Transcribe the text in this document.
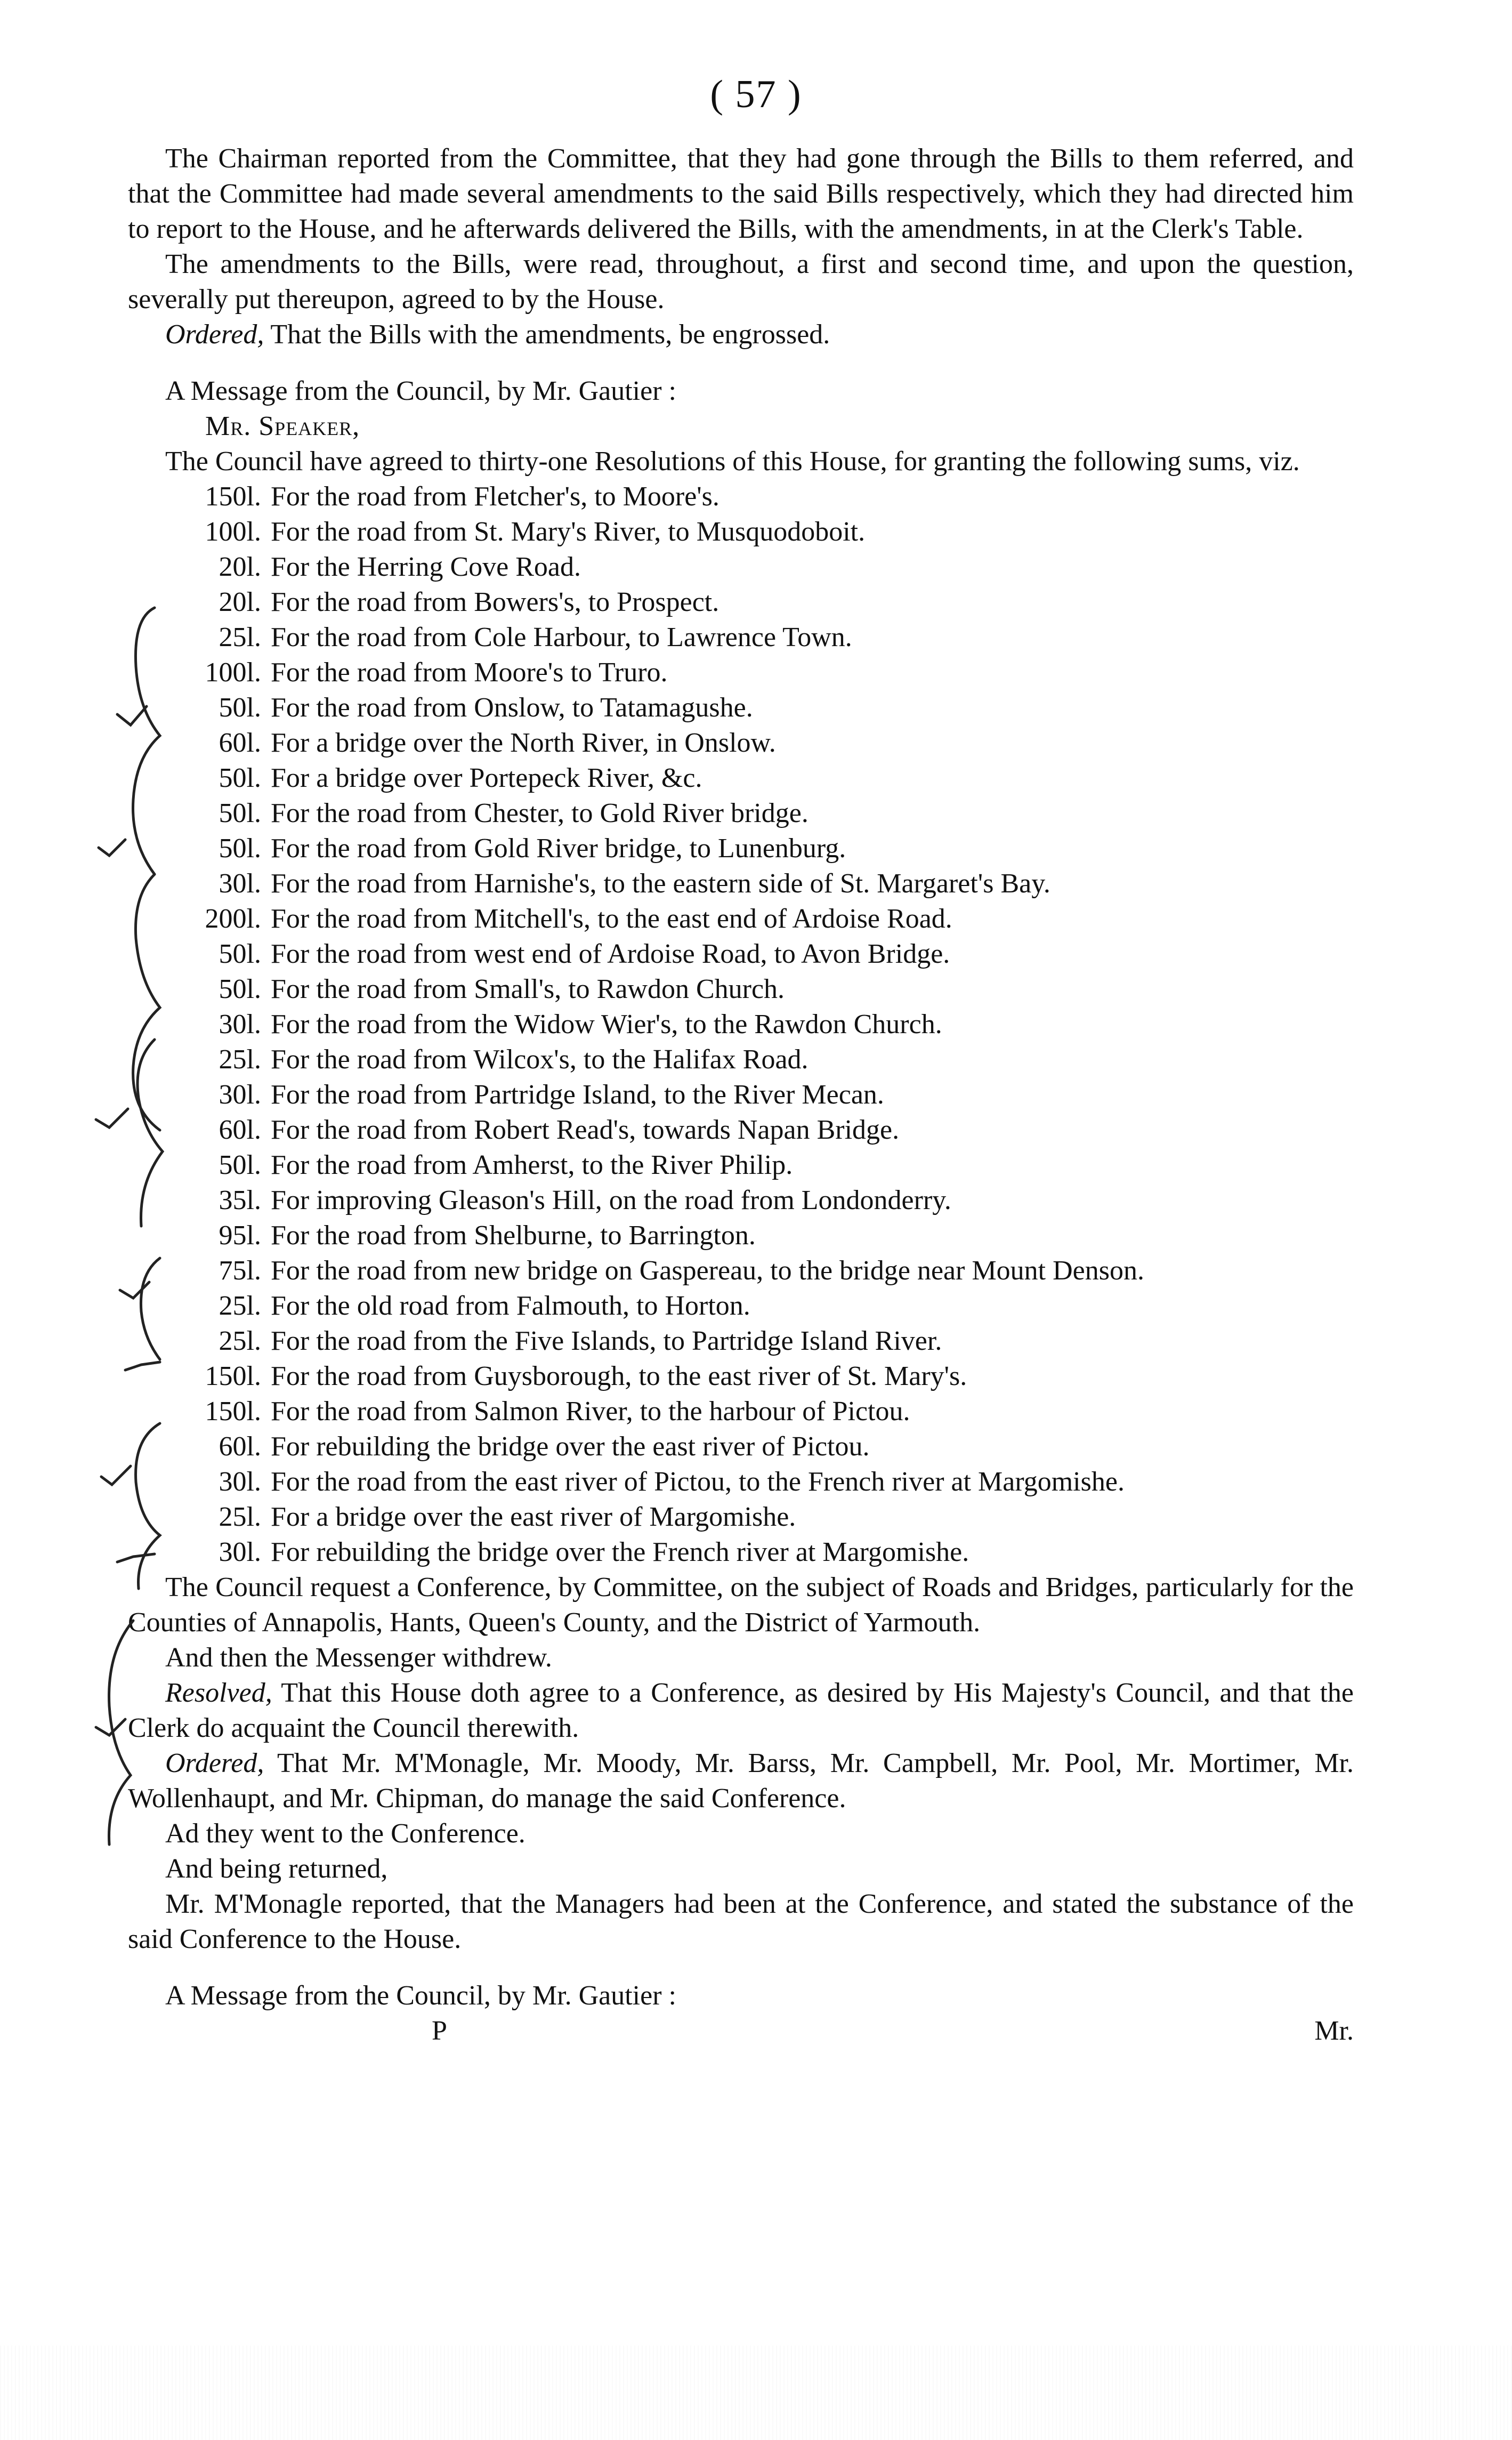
( 57 )

The Chairman reported from the Committee, that they had gone through the Bills to them referred, and that the Committee had made several amendments to the said Bills respectively, which they had directed him to report to the House, and he afterwards delivered the Bills, with the amendments, in at the Clerk's Table.

The amendments to the Bills, were read, throughout, a first and second time, and upon the question, severally put thereupon, agreed to by the House.

Ordered, That the Bills with the amendments, be engrossed.

A Message from the Council, by Mr. Gautier :

Mr. Speaker,

The Council have agreed to thirty-one Resolutions of this House, for granting the following sums, viz.

150l. For the road from Fletcher's, to Moore's.
100l. For the road from St. Mary's River, to Musquodoboit.
20l. For the Herring Cove Road.
20l. For the road from Bowers's, to Prospect.
25l. For the road from Cole Harbour, to Lawrence Town.
100l. For the road from Moore's to Truro.
50l. For the road from Onslow, to Tatamagushe.
60l. For a bridge over the North River, in Onslow.
50l. For a bridge over Portepeck River, &c.
50l. For the road from Chester, to Gold River bridge.
50l. For the road from Gold River bridge, to Lunenburg.
30l. For the road from Harnishe's, to the eastern side of St. Margaret's Bay.
200l. For the road from Mitchell's, to the east end of Ardoise Road.
50l. For the road from west end of Ardoise Road, to Avon Bridge.
50l. For the road from Small's, to Rawdon Church.
30l. For the road from the Widow Wier's, to the Rawdon Church.
25l. For the road from Wilcox's, to the Halifax Road.
30l. For the road from Partridge Island, to the River Mecan.
60l. For the road from Robert Read's, towards Napan Bridge.
50l. For the road from Amherst, to the River Philip.
35l. For improving Gleason's Hill, on the road from Londonderry.
95l. For the road from Shelburne, to Barrington.
75l. For the road from new bridge on Gaspereau, to the bridge near Mount Denson.
25l. For the old road from Falmouth, to Horton.
25l. For the road from the Five Islands, to Partridge Island River.
150l. For the road from Guysborough, to the east river of St. Mary's.
150l. For the road from Salmon River, to the harbour of Pictou.
60l. For rebuilding the bridge over the east river of Pictou.
30l. For the road from the east river of Pictou, to the French river at Margomishe.
25l. For a bridge over the east river of Margomishe.
30l. For rebuilding the bridge over the French river at Margomishe.

The Council request a Conference, by Committee, on the subject of Roads and Bridges, particularly for the Counties of Annapolis, Hants, Queen's County, and the District of Yarmouth.

And then the Messenger withdrew.

Resolved, That this House doth agree to a Conference, as desired by His Majesty's Council, and that the Clerk do acquaint the Council therewith.

Ordered, That Mr. M'Monagle, Mr. Moody, Mr. Barss, Mr. Campbell, Mr. Pool, Mr. Mortimer, Mr. Wollenhaupt, and Mr. Chipman, do manage the said Conference.

Ad they went to the Conference.

And being returned,

Mr. M'Monagle reported, that the Managers had been at the Conference, and stated the substance of the said Conference to the House.

A Message from the Council, by Mr. Gautier :

P	Mr.
